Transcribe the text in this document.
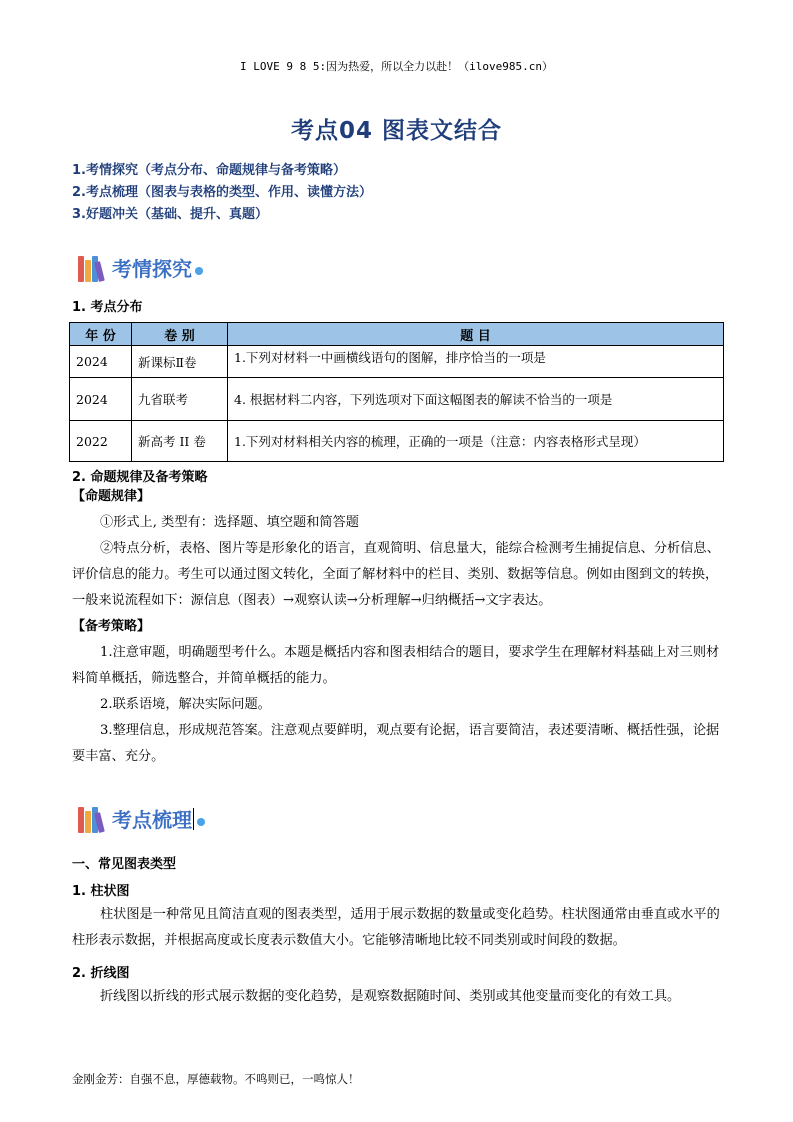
I LOVE 9 8 5:因为热爱，所以全力以赴！（ilove985.cn）
考点04 图表文结合
1.考情探究（考点分布、命题规律与备考策略）
2.考点梳理（图表与表格的类型、作用、读懂方法）
3.好题冲关（基础、提升、真题）
考情探究
1. 考点分布
年 份	卷 别	题 目
2024	新课标Ⅱ卷	1.下列对材料一中画横线语句的图解，排序恰当的一项是
2024	九省联考	4. 根据材料二内容，下列选项对下面这幅图表的解读不恰当的一项是
2022	新高考 II 卷	1.下列对材料相关内容的梳理，正确的一项是（注意：内容表格形式呈现）
2. 命题规律及备考策略
【命题规律】
①形式上, 类型有：选择题、填空题和简答题
②特点分析，表格、图片等是形象化的语言，直观简明、信息量大，能综合检测考生捕捉信息、分析信息、评价信息的能力。考生可以通过图文转化，全面了解材料中的栏目、类别、数据等信息。例如由图到文的转换，一般来说流程如下：源信息（图表）→观察认读→分析理解→归纳概括→文字表达。
【备考策略】
1.注意审题，明确题型考什么。本题是概括内容和图表相结合的题目，要求学生在理解材料基础上对三则材料简单概括，筛选整合，并简单概括的能力。
2.联系语境，解决实际问题。
3.整理信息，形成规范答案。注意观点要鲜明，观点要有论据，语言要简洁，表述要清晰、概括性强，论据要丰富、充分。
考点梳理
一、常见图表类型
1. 柱状图
柱状图是一种常见且简洁直观的图表类型，适用于展示数据的数量或变化趋势。柱状图通常由垂直或水平的柱形表示数据，并根据高度或长度表示数值大小。它能够清晰地比较不同类别或时间段的数据。
2. 折线图
折线图以折线的形式展示数据的变化趋势，是观察数据随时间、类别或其他变量而变化的有效工具。
金刚金芳：自强不息，厚德载物。不鸣则已，一鸣惊人！
